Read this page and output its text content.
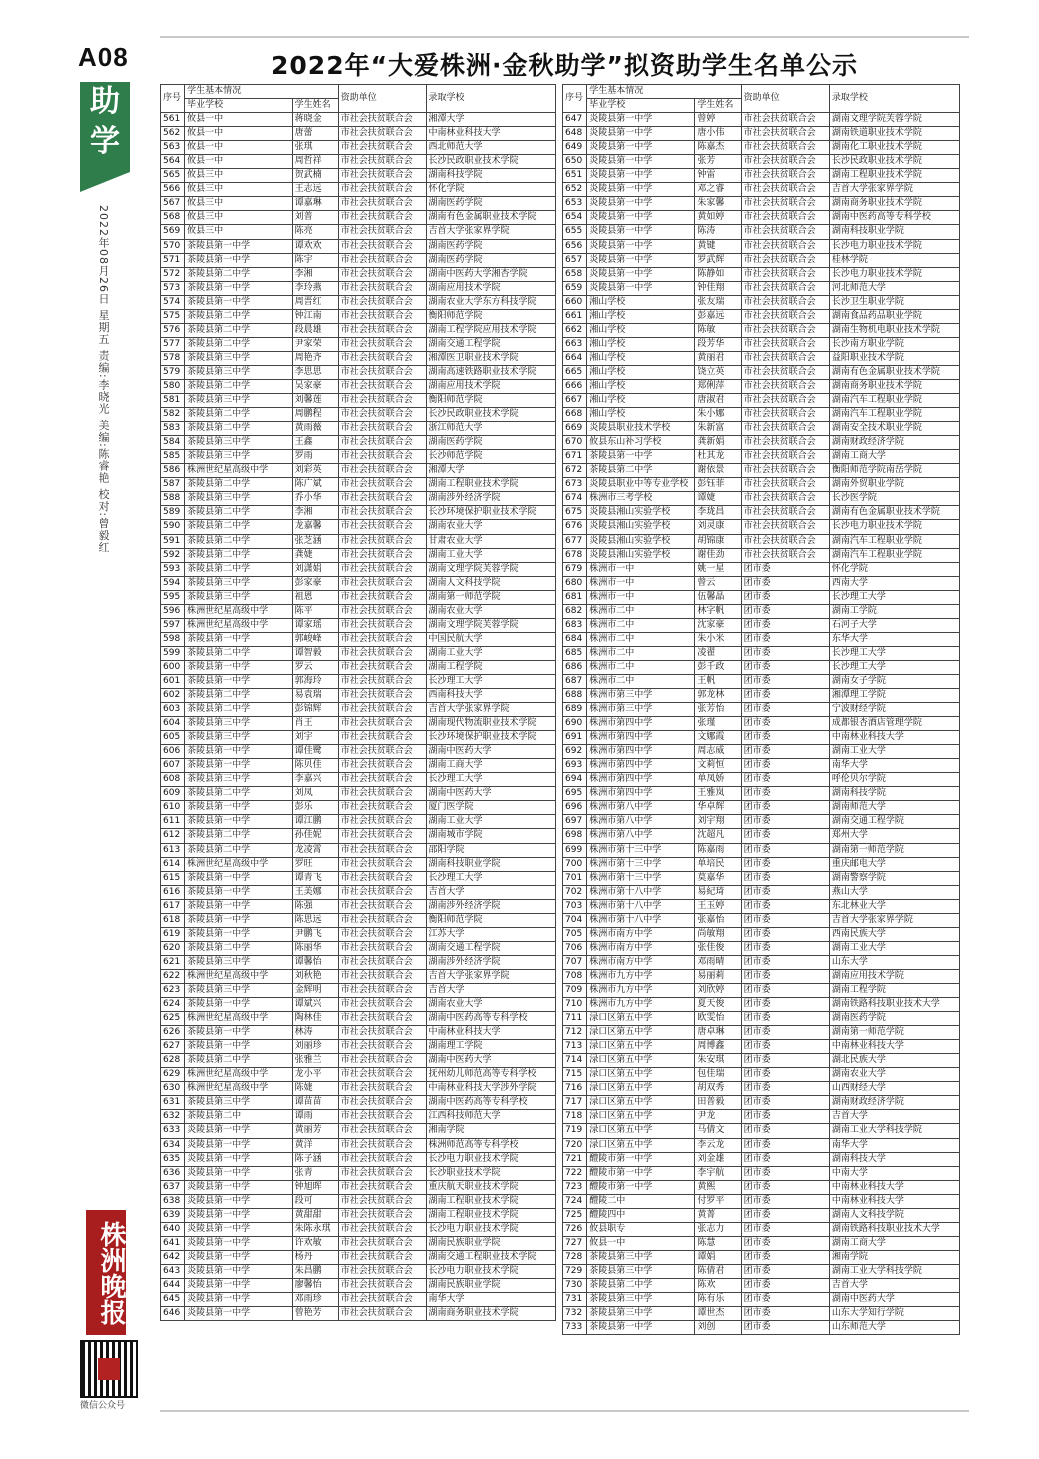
A08
助学
2022年08月26日 星期五 责编:李晓光 美编:陈睿艳 校对:曾毅红
株洲晚报
微信公众号
2022年“大爱株洲·金秋助学”拟资助学生名单公示
序号	学生基本情况		资助单位	录取学校
	毕业学校	学生姓名		
561	攸县一中	蒋晓金	市社会扶贫联合会	湘潭大学
562	攸县一中	唐蕾	市社会扶贫联合会	中南林业科技大学
563	攸县一中	张琪	市社会扶贫联合会	西北师范大学
564	攸县一中	周哲祥	市社会扶贫联合会	长沙民政职业技术学院
565	攸县三中	贺武楠	市社会扶贫联合会	湖南科技学院
566	攸县三中	王志远	市社会扶贫联合会	怀化学院
567	攸县三中	谭嘉琳	市社会扶贫联合会	湖南医药学院
568	攸县三中	刘普	市社会扶贫联合会	湖南有色金属职业技术学院
569	攸县三中	陈亮	市社会扶贫联合会	吉首大学张家界学院
570	茶陵县第一中学	谭欢欢	市社会扶贫联合会	湖南医药学院
571	茶陵县第一中学	陈宇	市社会扶贫联合会	湖南医药学院
572	茶陵县第二中学	李湘	市社会扶贫联合会	湖南中医药大学湘杏学院
573	茶陵县第一中学	李玲燕	市社会扶贫联合会	湖南应用技术学院
574	茶陵县第一中学	周晋红	市社会扶贫联合会	湖南农业大学东方科技学院
575	茶陵县第二中学	钟江南	市社会扶贫联合会	衡阳师范学院
576	茶陵县第二中学	段晨雄	市社会扶贫联合会	湖南工程学院应用技术学院
577	茶陵县第二中学	尹家荣	市社会扶贫联合会	湖南交通工程学院
578	茶陵县第三中学	周艳齐	市社会扶贫联合会	湘潭医卫职业技术学院
579	茶陵县第三中学	李思思	市社会扶贫联合会	湖南高速铁路职业技术学院
580	茶陵县第二中学	吴家豪	市社会扶贫联合会	湖南应用技术学院
581	茶陵县第三中学	刘馨莲	市社会扶贫联合会	衡阳师范学院
582	茶陵县第二中学	周鹏程	市社会扶贫联合会	长沙民政职业技术学院
583	茶陵县第二中学	黄雨薇	市社会扶贫联合会	浙江师范大学
584	茶陵县第三中学	王鑫	市社会扶贫联合会	湖南医药学院
585	茶陵县第三中学	罗雨	市社会扶贫联合会	长沙师范学院
586	株洲世纪星高级中学	刘彩英	市社会扶贫联合会	湘潭大学
587	茶陵县第二中学	陈广斌	市社会扶贫联合会	湖南工程职业技术学院
588	茶陵县第三中学	乔小华	市社会扶贫联合会	湖南涉外经济学院
589	茶陵县第二中学	李湘	市社会扶贫联合会	长沙环境保护职业技术学院
590	茶陵县第二中学	龙嘉馨	市社会扶贫联合会	湖南农业大学
591	茶陵县第二中学	张芝涵	市社会扶贫联合会	甘肃农业大学
592	茶陵县第二中学	龚婕	市社会扶贫联合会	湖南工业大学
593	茶陵县第二中学	刘潇娟	市社会扶贫联合会	湖南文理学院芙蓉学院
594	茶陵县第三中学	彭家豪	市社会扶贫联合会	湖南人文科技学院
595	茶陵县第三中学	祖恩	市社会扶贫联合会	湖南第一师范学院
596	株洲世纪星高级中学	陈平	市社会扶贫联合会	湖南农业大学
597	株洲世纪星高级中学	谭家瑶	市社会扶贫联合会	湖南文理学院芙蓉学院
598	茶陵县第一中学	郭峻峰	市社会扶贫联合会	中国民航大学
599	茶陵县第二中学	谭智毅	市社会扶贫联合会	湖南工业大学
600	茶陵县第一中学	罗云	市社会扶贫联合会	湖南工程学院
601	茶陵县第一中学	郭海玲	市社会扶贫联合会	长沙理工大学
602	茶陵县第二中学	易袁瑞	市社会扶贫联合会	西南科技大学
603	茶陵县第二中学	彭锦辉	市社会扶贫联合会	吉首大学张家界学院
604	茶陵县第三中学	肖王	市社会扶贫联合会	湖南现代物流职业技术学院
605	茶陵县第三中学	刘宇	市社会扶贫联合会	长沙环境保护职业技术学院
606	茶陵县第一中学	谭佳鹭	市社会扶贫联合会	湖南中医药大学
607	茶陵县第一中学	陈贝佳	市社会扶贫联合会	湖南工商大学
608	茶陵县第三中学	李嘉兴	市社会扶贫联合会	长沙理工大学
609	茶陵县第二中学	刘凤	市社会扶贫联合会	湖南中医药大学
610	茶陵县第一中学	彭乐	市社会扶贫联合会	厦门医学院
611	茶陵县第一中学	谭江鹏	市社会扶贫联合会	湖南工业大学
612	茶陵县第二中学	孙佳妮	市社会扶贫联合会	湖南城市学院
613	茶陵县第二中学	龙凌霄	市社会扶贫联合会	邵阳学院
614	株洲世纪星高级中学	罗旺	市社会扶贫联合会	湖南科技职业学院
615	茶陵县第一中学	谭青飞	市社会扶贫联合会	长沙理工大学
616	茶陵县第一中学	王美娜	市社会扶贫联合会	吉首大学
617	茶陵县第一中学	陈强	市社会扶贫联合会	湖南涉外经济学院
618	茶陵县第一中学	陈思远	市社会扶贫联合会	衡阳师范学院
619	茶陵县第一中学	尹鹏飞	市社会扶贫联合会	江苏大学
620	茶陵县第二中学	陈丽华	市社会扶贫联合会	湖南交通工程学院
621	茶陵县第三中学	谭馨怡	市社会扶贫联合会	湖南涉外经济学院
622	株洲世纪星高级中学	刘秋艳	市社会扶贫联合会	吉首大学张家界学院
623	茶陵县第三中学	金辉明	市社会扶贫联合会	吉首大学
624	茶陵县第一中学	谭斌兴	市社会扶贫联合会	湖南农业大学
625	株洲世纪星高级中学	陶林佳	市社会扶贫联合会	湖南中医药高等专科学校
626	茶陵县第一中学	林涛	市社会扶贫联合会	中南林业科技大学
627	茶陵县第一中学	刘丽珍	市社会扶贫联合会	湖南理工学院
628	茶陵县第二中学	张雅兰	市社会扶贫联合会	湖南中医药大学
629	株洲世纪星高级中学	龙小平	市社会扶贫联合会	抚州幼儿师范高等专科学校
630	株洲世纪星高级中学	陈婕	市社会扶贫联合会	中南林业科技大学涉外学院
631	茶陵县第三中学	谭苗苗	市社会扶贫联合会	湖南中医药高等专科学校
632	茶陵县第二中	谭雨	市社会扶贫联合会	江西科技师范大学
633	炎陵县第一中学	黄丽芳	市社会扶贫联合会	湘南学院
634	炎陵县第一中学	黄洋	市社会扶贫联合会	株洲师范高等专科学校
635	炎陵县第一中学	陈子涵	市社会扶贫联合会	长沙电力职业技术学院
636	炎陵县第一中学	张青	市社会扶贫联合会	长沙职业技术学院
637	炎陵县第一中学	钟旭晖	市社会扶贫联合会	重庆航天职业技术学院
638	炎陵县第一中学	段可	市社会扶贫联合会	湖南工程职业技术学院
639	炎陵县第一中学	黄甜甜	市社会扶贫联合会	湖南工程职业技术学院
640	炎陵县第一中学	朱陈永琪	市社会扶贫联合会	长沙电力职业技术学院
641	炎陵县第一中学	许欢敏	市社会扶贫联合会	湖南民族职业学院
642	炎陵县第一中学	杨丹	市社会扶贫联合会	湖南交通工程职业技术学院
643	炎陵县第一中学	朱昌鹏	市社会扶贫联合会	长沙电力职业技术学院
644	炎陵县第一中学	廖馨怡	市社会扶贫联合会	湖南民族职业学院
645	炎陵县第一中学	邓雨珍	市社会扶贫联合会	南华大学
646	炎陵县第一中学	曾艳芳	市社会扶贫联合会	湖南商务职业技术学院
序号	学生基本情况		资助单位	录取学校
	毕业学校	学生姓名		
647	炎陵县第一中学	曾婷	市社会扶贫联合会	湖南文理学院芙蓉学院
648	炎陵县第一中学	唐小伟	市社会扶贫联合会	湖南铁道职业技术学院
649	炎陵县第一中学	陈嘉杰	市社会扶贫联合会	湖南化工职业技术学院
650	炎陵县第一中学	张芳	市社会扶贫联合会	长沙民政职业技术学院
651	炎陵县第一中学	钟雷	市社会扶贫联合会	湖南工程职业技术学院
652	炎陵县第一中学	邓之睿	市社会扶贫联合会	吉首大学张家界学院
653	炎陵县第一中学	朱家馨	市社会扶贫联合会	湖南商务职业技术学院
654	炎陵县第一中学	黄如婷	市社会扶贫联合会	湖南中医药高等专科学校
655	炎陵县第一中学	陈涛	市社会扶贫联合会	湖南科技职业学院
656	炎陵县第一中学	黄键	市社会扶贫联合会	长沙电力职业技术学院
657	炎陵县第一中学	罗武辉	市社会扶贫联合会	桂林学院
658	炎陵县第一中学	陈静如	市社会扶贫联合会	长沙电力职业技术学院
659	炎陵县第一中学	钟佳翔	市社会扶贫联合会	河北师范大学
660	湘山学校	张友瑞	市社会扶贫联合会	长沙卫生职业学院
661	湘山学校	彭嘉远	市社会扶贫联合会	湖南食品药品职业学院
662	湘山学校	陈敏	市社会扶贫联合会	湖南生物机电职业技术学院
663	湘山学校	段芳华	市社会扶贫联合会	长沙南方职业学院
664	湘山学校	黄丽君	市社会扶贫联合会	益阳职业技术学院
665	湘山学校	饶立英	市社会扶贫联合会	湖南有色金属职业技术学院
666	湘山学校	郑俐萍	市社会扶贫联合会	湖南商务职业技术学院
667	湘山学校	唐淑君	市社会扶贫联合会	湖南汽车工程职业学院
668	湘山学校	朱小娜	市社会扶贫联合会	湖南汽车工程职业学院
669	炎陵县职业技术学校	朱新富	市社会扶贫联合会	湖南安全技术职业学院
670	攸县东山补习学校	龚新娟	市社会扶贫联合会	湖南财政经济学院
671	茶陵县第一中学	杜其龙	市社会扶贫联合会	湖南工商大学
672	茶陵县第二中学	谢依景	市社会扶贫联合会	衡阳师范学院南岳学院
673	炎陵县职业中等专业学校	彭钰菲	市社会扶贫联合会	湖南外贸职业学院
674	株洲市三考学校	谭婕	市社会扶贫联合会	长沙医学院
675	炎陵县湘山实验学校	李珑昌	市社会扶贫联合会	湖南有色金属职业技术学院
676	炎陵县湘山实验学校	刘灵康	市社会扶贫联合会	长沙电力职业技术学院
677	炎陵县湘山实验学校	胡锦康	市社会扶贫联合会	湖南汽车工程职业学院
678	炎陵县湘山实验学校	谢佳劲	市社会扶贫联合会	湖南汽车工程职业学院
679	株洲市一中	姚一星	团市委	怀化学院
680	株洲市一中	曾云	团市委	西南大学
681	株洲市一中	伍馨晶	团市委	长沙理工大学
682	株洲市二中	林字帆	团市委	湖南工学院
683	株洲市二中	沈家豪	团市委	石河子大学
684	株洲市二中	朱小米	团市委	东华大学
685	株洲市二中	凌翟	团市委	长沙理工大学
686	株洲市二中	彭千政	团市委	长沙理工大学
687	株洲市二中	王帆	团市委	湖南女子学院
688	株洲市第三中学	郭龙林	团市委	湘潭理工学院
689	株洲市第三中学	张芳怡	团市委	宁波财经学院
690	株洲市第四中学	张瑾	团市委	成都银杏酒店管理学院
691	株洲市第四中学	文娜霞	团市委	中南林业科技大学
692	株洲市第四中学	周志威	团市委	湖南工业大学
693	株洲市第四中学	文莉恒	团市委	南华大学
694	株洲市第四中学	单凤娇	团市委	呼伦贝尔学院
695	株洲市第四中学	王雅岚	团市委	湖南科技学院
696	株洲市第八中学	华卓辉	团市委	湖南师范大学
697	株洲市第八中学	刘宇翔	团市委	湖南交通工程学院
698	株洲市第八中学	沈超凡	团市委	郑州大学
699	株洲市第十三中学	陈嘉雨	团市委	湖南第一师范学院
700	株洲市第十三中学	单培民	团市委	重庆邮电大学
701	株洲市第十三中学	莫嘉华	团市委	湖南警察学院
702	株洲市第十八中学	易紀琦	团市委	燕山大学
703	株洲市第十八中学	王玉婷	团市委	东北林业大学
704	株洲市第十八中学	张嘉怡	团市委	吉首大学张家界学院
705	株洲市南方中学	尚敏翔	团市委	西南民族大学
706	株洲市南方中学	张佳俊	团市委	湖南工业大学
707	株洲市南方中学	邓雨晴	团市委	山东大学
708	株洲市九方中学	易丽莉	团市委	湖南应用技术学院
709	株洲市九方中学	刘欣婷	团市委	湖南工程学院
710	株洲市九方中学	夏天俊	团市委	湖南铁路科技职业技术大学
711	渌口区第五中学	欧雯怡	团市委	湖南医药学院
712	渌口区第五中学	唐卓琳	团市委	湖南第一师范学院
713	渌口区第五中学	周博鑫	团市委	中南林业科技大学
714	渌口区第五中学	朱安琪	团市委	湖北民族大学
715	渌口区第五中学	包佳瑞	团市委	湖南农业大学
716	渌口区第五中学	胡双秀	团市委	山西财经大学
717	渌口区第五中学	田普毅	团市委	湖南财政经济学院
718	渌口区第五中学	尹龙	团市委	吉首大学
719	渌口区第五中学	马倩文	团市委	湖南工业大学科技学院
720	渌口区第五中学	李云龙	团市委	南华大学
721	醴陵市第一中学	刘金雄	团市委	湖南科技大学
722	醴陵市第一中学	李宇航	团市委	中南大学
723	醴陵市第一中学	黄熙	团市委	中南林业科技大学
724	醴陵二中	付罗平	团市委	中南林业科技大学
725	醴陵四中	黄菁	团市委	湖南人文科技学院
726	攸县职专	张志力	团市委	湖南铁路科技职业技术大学
727	攸县一中	陈慧	团市委	湖南工商大学
728	茶陵县第三中学	谭娟	团市委	湘南学院
729	茶陵县第三中学	陈倩君	团市委	湖南工业大学科技学院
730	茶陵县第二中学	陈欢	团市委	吉首大学
731	茶陵县第三中学	陈有乐	团市委	湖南中医药大学
732	茶陵县第三中学	谭世杰	团市委	山东大学知行学院
733	茶陵县第一中学	刘创	团市委	山东师范大学
